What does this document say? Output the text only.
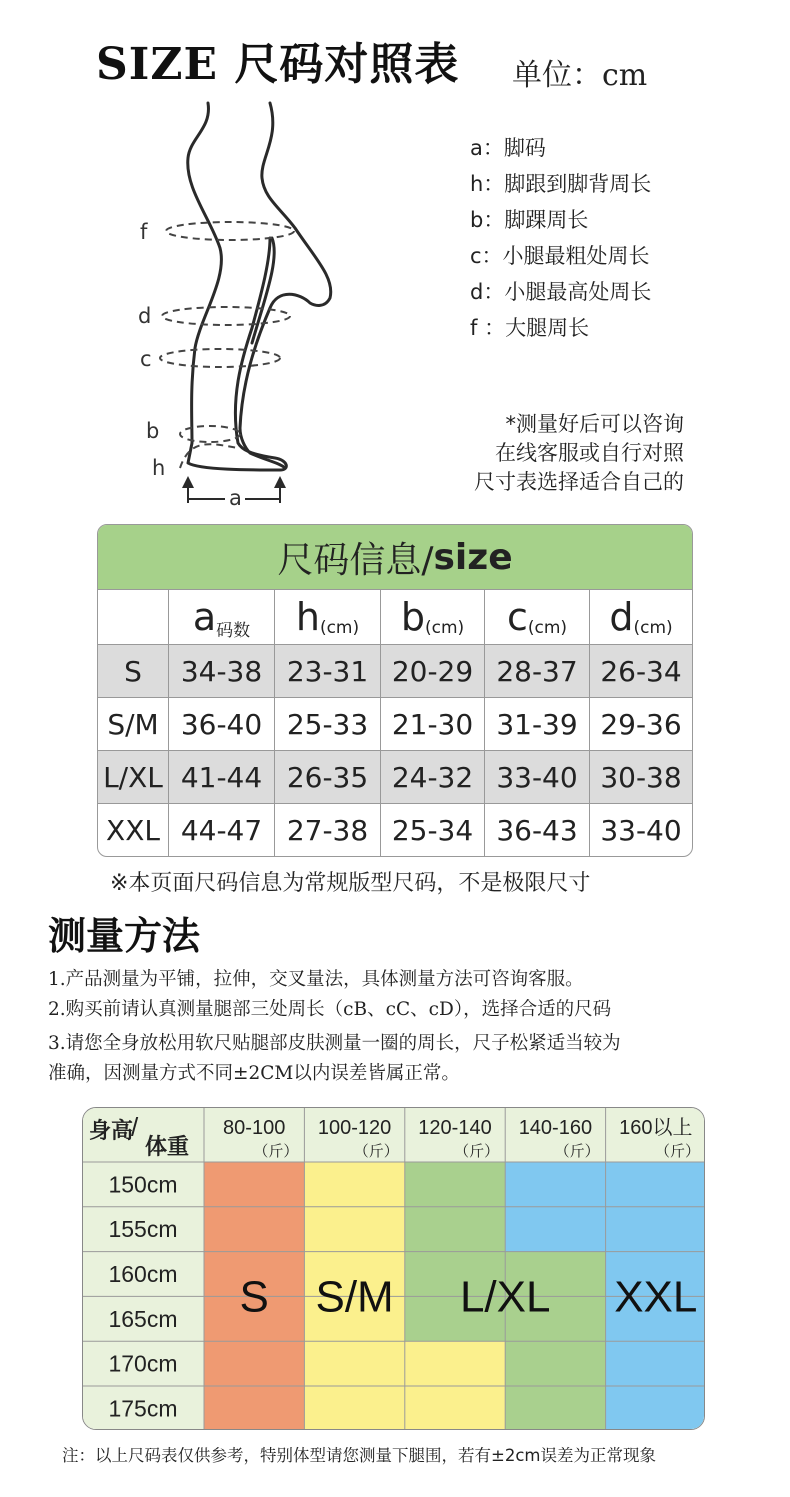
SIZE 尺码对照表 单位：cm
f
d
c
b
h
a
a：脚码
h：脚跟到脚背周长
b：脚踝周长
c：小腿最粗处周长
d：小腿最高处周长
f ：大腿周长
*测量好后可以咨询
在线客服或自行对照
尺寸表选择适合自己的
尺码信息/ size
a 码数 h (cm) b (cm) c (cm) d (cm)
S	34-38 23-31 20-29 28-37 26-34
S/M 36-40 25-33 21-30 31-39 29-36
L/XL 41-44 26-35 24-32 33-40 30-38
XXL 44-47 27-38 25-34 36-43 33-40
※本页面尺码信息为常规版型尺码，不是极限尺寸
测量方法
1.产品测量为平铺，拉伸，交叉量法，具体测量方法可咨询客服。
2.购买前请认真测量腿部三处周长（cB、cC、cD），选择合适的尺码
3.请您全身放松用软尺贴腿部皮肤测量一圈的周长，尺子松紧适当较为
准确，因测量方式不同±2CM以内误差皆属正常。
身高
/
体重
80-100
（斤）
100-120
（斤）
120-140
（斤）
140-160
（斤）
160以上
（斤）
150cm
155cm
160cm
165cm
170cm
175cm
S S/M L/XL XXL
注：以上尺码表仅供参考，特别体型请您测量下腿围，若有±2cm误差为正常现象
